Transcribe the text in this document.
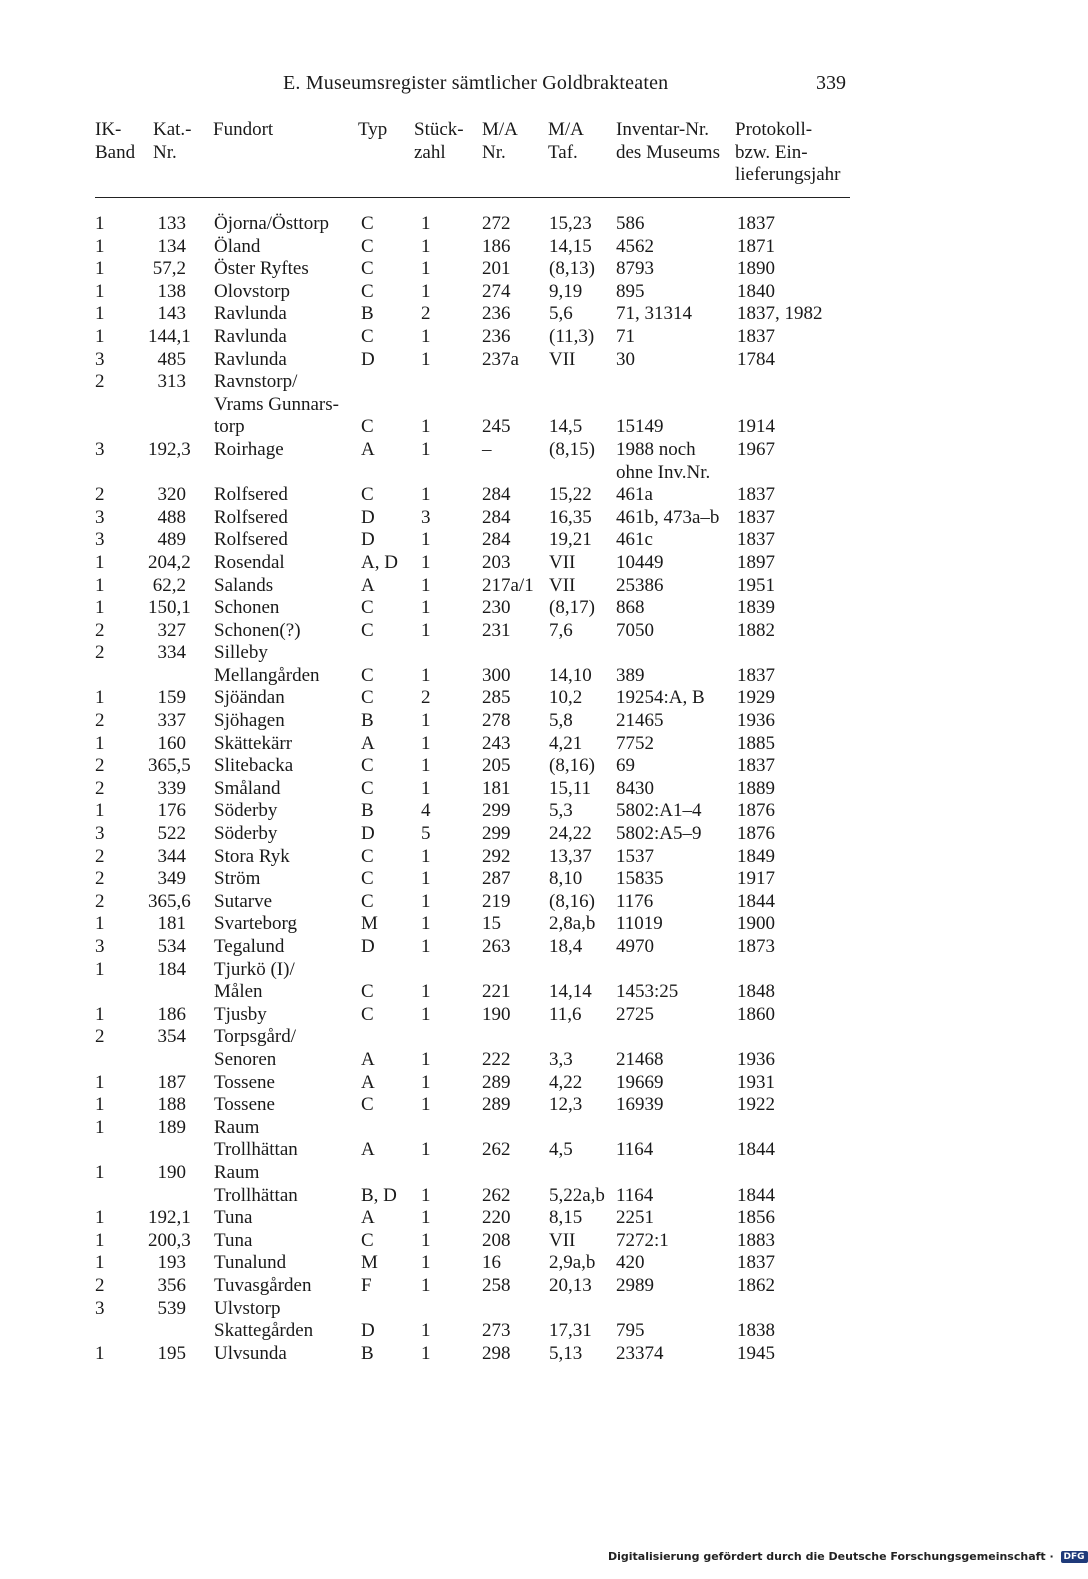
E. Museumsregister sämtlicher Goldbrakteaten	339
IK-
Band
Kat.-
Nr.
Fundort	Typ Stück-
zahl
M/A
Nr.
M/A
Taf.
Inventar-Nr.
des Museums
Protokoll-
bzw. Ein-
lieferungsjahr
1
1
1
1
1
1
3
2

3

2
3
3
1
1
1
2
2

1
2
1
2
2
1
3
2
2
2
1
3
1

1
2

1
1
1

1

1
1
1
2
3

1
133
134
57,2
138
143
144,1
485
313

192,3

320
488
489
204,2
62,2
150,1
327
334

159
337
160
365,5
339
176
522
344
349
365,6
181
534
184

186
354

187
188
189

190

192,1
200,3
193
356
539

195
Öjorna/Östtorp
Öland
Öster Ryftes
Olovstorp
Ravlunda
Ravlunda
Ravlunda
Ravnstorp/
Vrams Gunnars-
torp
Roirhage

Rolfsered
Rolfsered
Rolfsered
Rosendal
Salands
Schonen
Schonen(?)
Silleby
Mellangården
Sjöändan
Sjöhagen
Skättekärr
Slitebacka
Småland
Söderby
Söderby
Stora Ryk
Ström
Sutarve
Svarteborg
Tegalund
Tjurkö (I)/
Målen
Tjusby
Torpsgård/
Senoren
Tossene
Tossene
Raum
Trollhättan
Raum
Trollhättan
Tuna
Tuna
Tunalund
Tuvasgården
Ulvstorp
Skattegården
Ulvsunda
C
C
C
C
B
C
D

C
A

C
D
D
A, D
A
C
C

C
C
B
A
C
C
B
D
C
C
C
M
D

C
C

A
A
C

A

B, D
A
C
M
F

D
B
1
1
1
1
2
1
1

1
1

1
3
1
1
1
1
1

1
2
1
1
1
1
4
5
1
1
1
1
1

1
1

1
1
1

1

1
1
1
1
1

1
1
272
186
201
274
236
236
237a

245
–

284
284
284
203
217a/1
230
231

300
285
278
243
205
181
299
299
292
287
219
15
263

221
190

222
289
289

262

262
220
208
16
258

273
298
15,23
14,15
(8,13)
9,19
5,6
(11,3)
VII

14,5
(8,15)

15,22
16,35
19,21
VII
VII
(8,17)
7,6

14,10
10,2
5,8
4,21
(8,16)
15,11
5,3
24,22
13,37
8,10
(8,16)
2,8a,b
18,4

14,14
11,6

3,3
4,22
12,3

4,5

5,22a,b
8,15
VII
2,9a,b
20,13

17,31
5,13
586
4562
8793
895
71, 31314
71
30

15149
1988 noch
ohne Inv.Nr.
461a
461b, 473a–b
461c
10449
25386
868
7050

389
19254:A, B
21465
7752
69
8430
5802:A1–4
5802:A5–9
1537
15835
1176
11019
4970

1453:25
2725

21468
19669
16939

1164

1164
2251
7272:1
420
2989

795
23374
1837
1871
1890
1840
1837, 1982
1837
1784

1914
1967

1837
1837
1837
1897
1951
1839
1882

1837
1929
1936
1885
1837
1889
1876
1876
1849
1917
1844
1900
1873

1848
1860

1936
1931
1922

1844

1844
1856
1883
1837
1862

1838
1945
Digitalisierung gefördert durch die Deutsche Forschungsgemeinschaft · DFG
